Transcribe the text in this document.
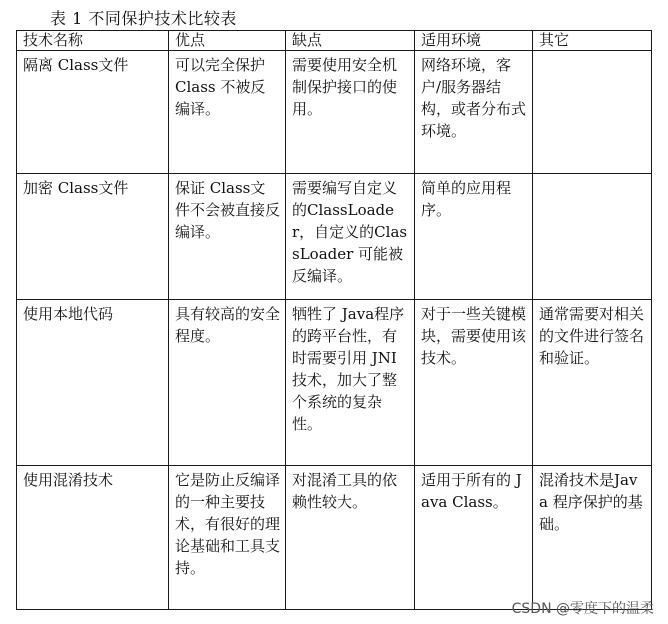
表 1 不同保护技术比较表
技术名称	优点	缺点	适用环境	其它
隔离 Class文件	可以完全保护 Class 不被反编译。	需要使用安全机制保护接口的使用。	网络环境，客户/服务器结构，或者分布式环境。	
加密 Class文件	保证 Class文件不会被直接反编译。	需要编写自定义的ClassLoader，自定义的ClassLoader 可能被反编译。	简单的应用程序。	
使用本地代码	具有较高的安全程度。	牺牲了 Java程序的跨平台性，有时需要引用 JNI 技术，加大了整个系统的复杂性。	对于一些关键模块，需要使用该技术。	通常需要对相关的文件进行签名和验证。
使用混淆技术	它是防止反编译的一种主要技术，有很好的理论基础和工具支持。	对混淆工具的依赖性较大。	适用于所有的 Java Class。	混淆技术是Java 程序保护的基础。
CSDN @零度下的温柔
